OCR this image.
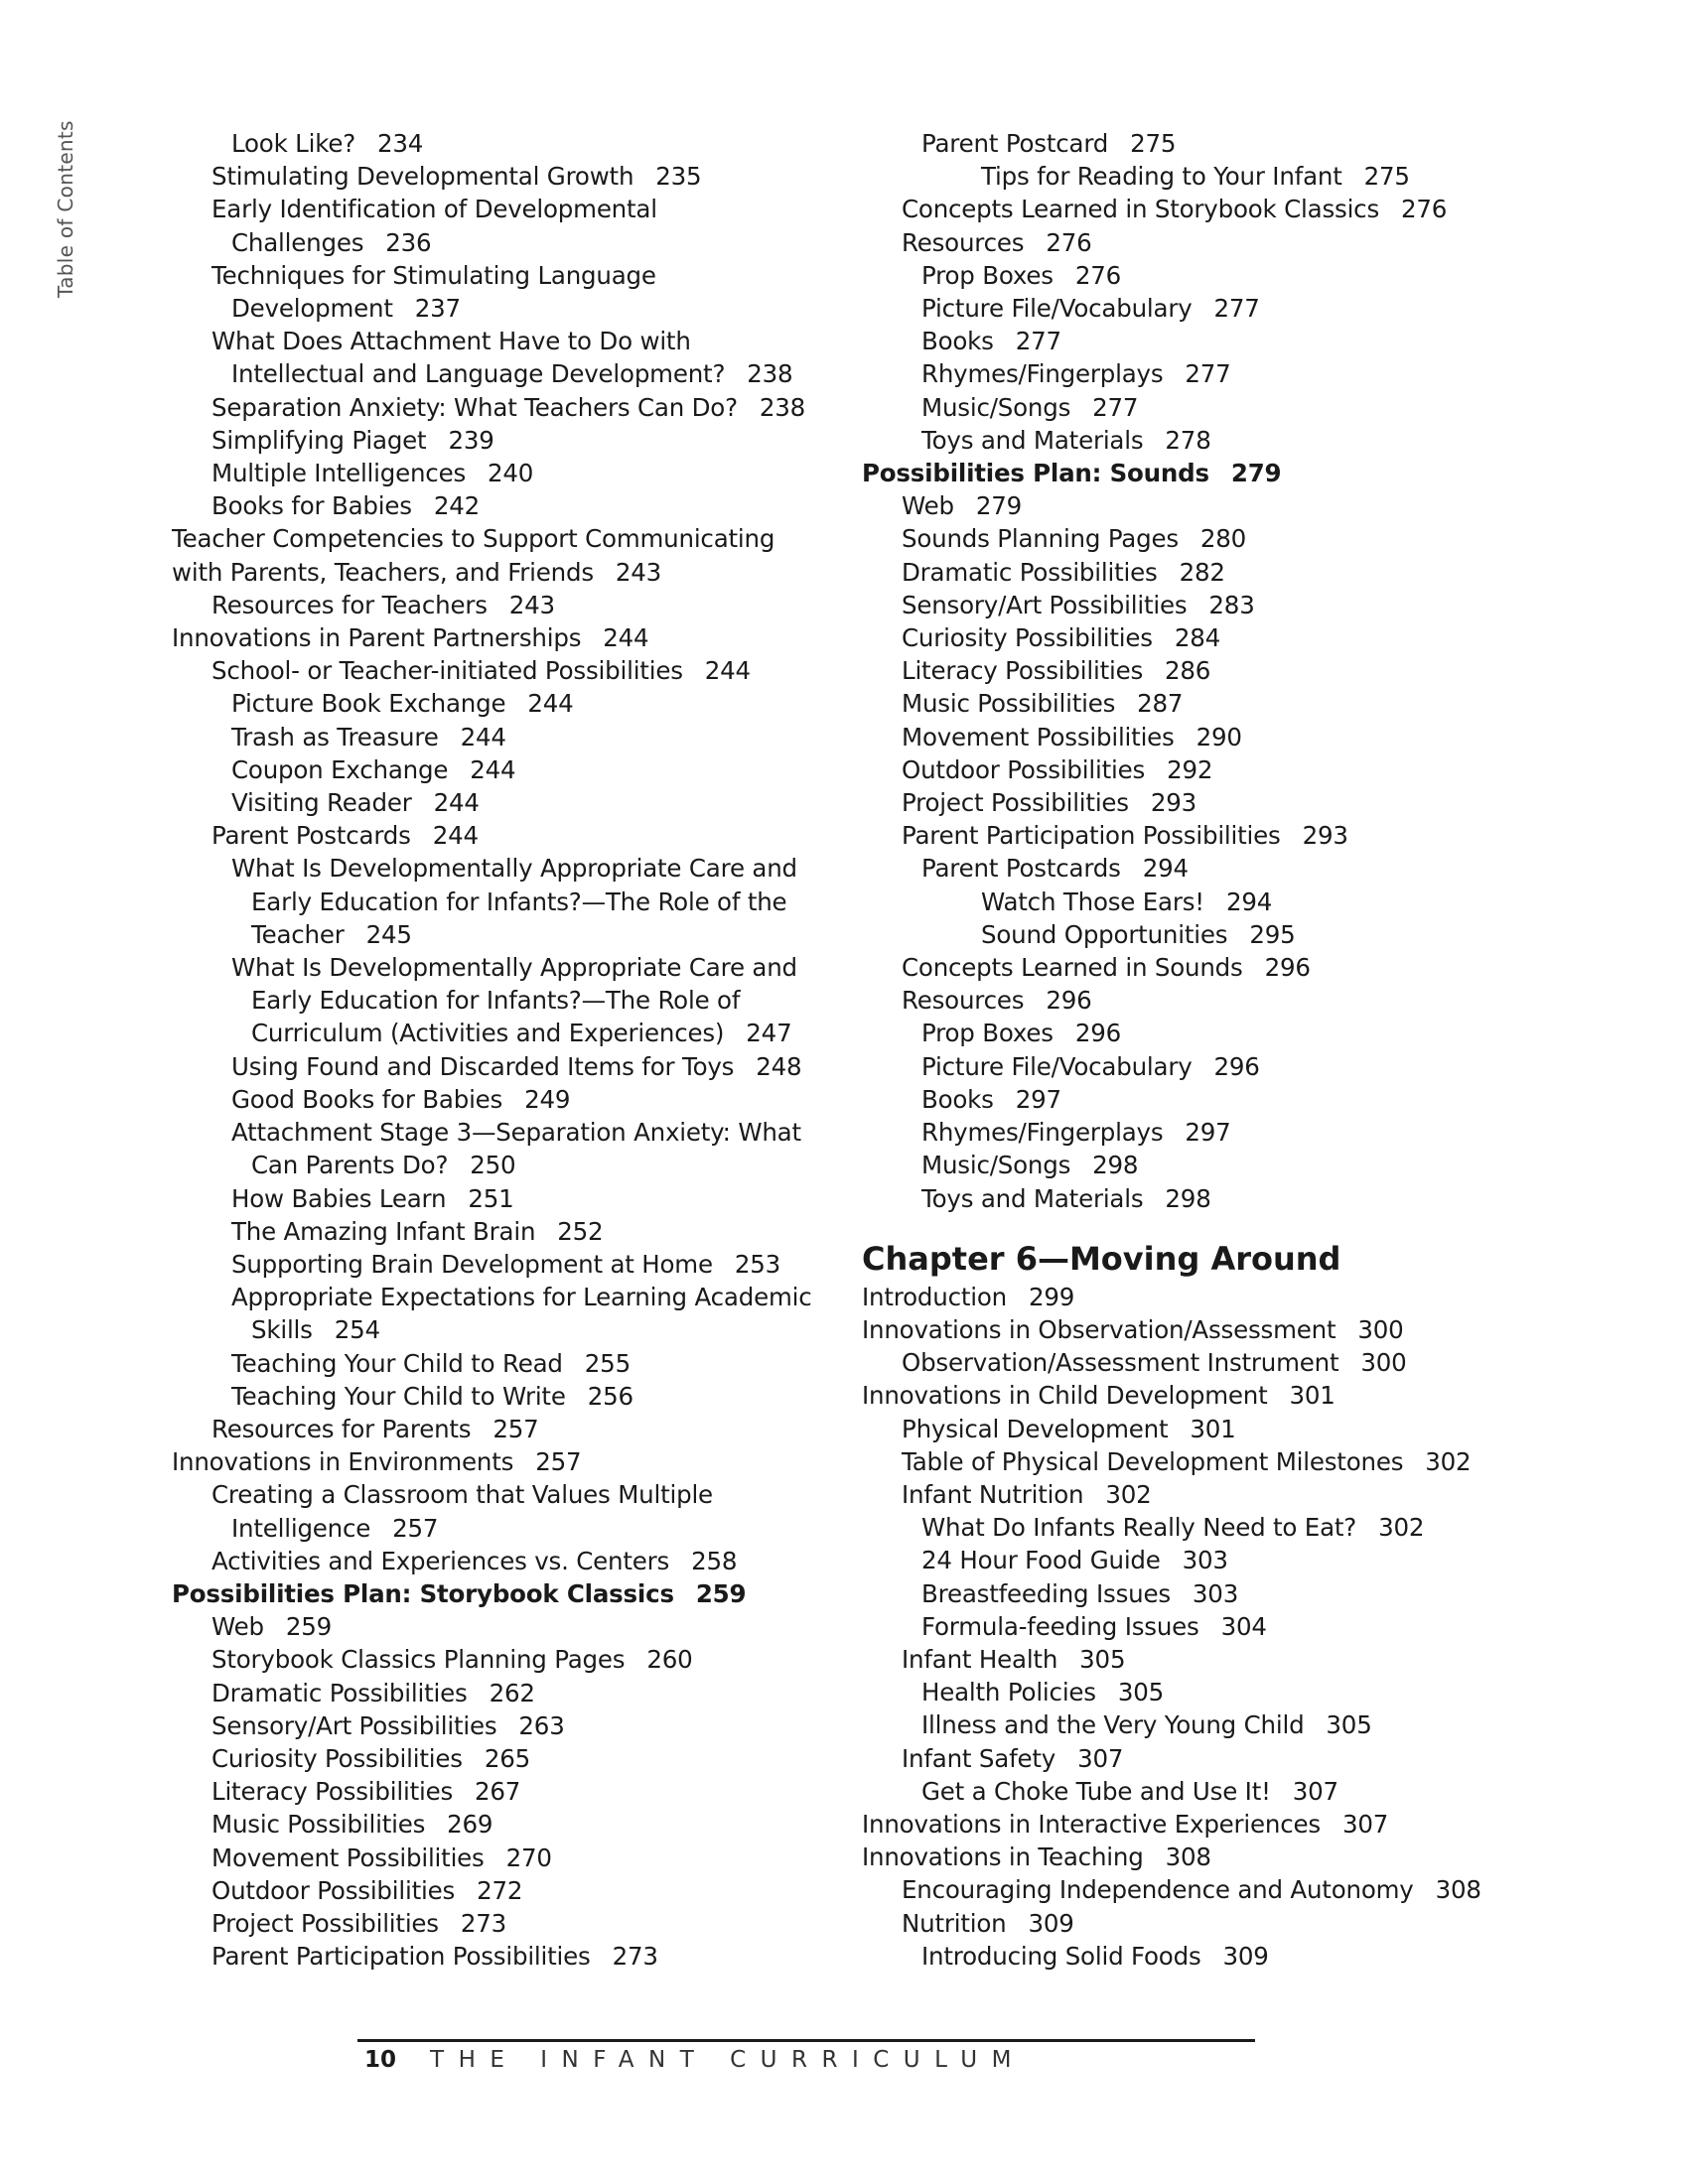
Table of Contents	Look Like? 234
Stimulating Developmental Growth 235
Early Identification of Developmental
Challenges 236
Techniques for Stimulating Language
Development 237
What Does Attachment Have to Do with
Intellectual and Language Development? 238
Separation Anxiety: What Teachers Can Do? 238
Simplifying Piaget 239
Multiple Intelligences 240
Books for Babies 242
Teacher Competencies to Support Communicating
with Parents, Teachers, and Friends 243
Resources for Teachers 243
Innovations in Parent Partnerships 244
School- or Teacher-initiated Possibilities 244
Picture Book Exchange 244
Trash as Treasure 244
Coupon Exchange 244
Visiting Reader 244
Parent Postcards 244
What Is Developmentally Appropriate Care and
Early Education for Infants?—The Role of the
Teacher 245
What Is Developmentally Appropriate Care and
Early Education for Infants?—The Role of
Curriculum (Activities and Experiences) 247
Using Found and Discarded Items for Toys 248
Good Books for Babies 249
Attachment Stage 3—Separation Anxiety: What
Can Parents Do? 250
How Babies Learn 251
The Amazing Infant Brain 252
Supporting Brain Development at Home 253
Appropriate Expectations for Learning Academic
Skills 254
Teaching Your Child to Read 255
Teaching Your Child to Write 256
Resources for Parents 257
Innovations in Environments 257
Creating a Classroom that Values Multiple
Intelligence 257
Activities and Experiences vs. Centers 258
Possibilities Plan: Storybook Classics 259
Web 259
Storybook Classics Planning Pages 260
Dramatic Possibilities 262
Sensory/Art Possibilities 263
Curiosity Possibilities 265
Literacy Possibilities 267
Music Possibilities 269
Movement Possibilities 270
Outdoor Possibilities 272
Project Possibilities 273
Parent Participation Possibilities 273
Parent Postcard 275
Tips for Reading to Your Infant 275
Concepts Learned in Storybook Classics 276
Resources 276
Prop Boxes 276
Picture File/Vocabulary 277
Books 277
Rhymes/Fingerplays 277
Music/Songs 277
Toys and Materials 278
Possibilities Plan: Sounds 279
Web 279
Sounds Planning Pages 280
Dramatic Possibilities 282
Sensory/Art Possibilities 283
Curiosity Possibilities 284
Literacy Possibilities 286
Music Possibilities 287
Movement Possibilities 290
Outdoor Possibilities 292
Project Possibilities 293
Parent Participation Possibilities 293
Parent Postcards 294
Watch Those Ears! 294
Sound Opportunities 295
Concepts Learned in Sounds 296
Resources 296
Prop Boxes 296
Picture File/Vocabulary 296
Books 297
Rhymes/Fingerplays 297
Music/Songs 298
Toys and Materials 298
Chapter 6—Moving Around
Introduction 299
Innovations in Observation/Assessment 300
Observation/Assessment Instrument 300
Innovations in Child Development 301
Physical Development 301
Table of Physical Development Milestones 302
Infant Nutrition 302
What Do Infants Really Need to Eat? 302
24 Hour Food Guide 303
Breastfeeding Issues 303
Formula-feeding Issues 304
Infant Health 305
Health Policies 305
Illness and the Very Young Child 305
Infant Safety 307
Get a Choke Tube and Use It! 307
Innovations in Interactive Experiences 307
Innovations in Teaching 308
Encouraging Independence and Autonomy 308
Nutrition 309
Introducing Solid Foods 309
10 THE INFANT CURRICULUM
